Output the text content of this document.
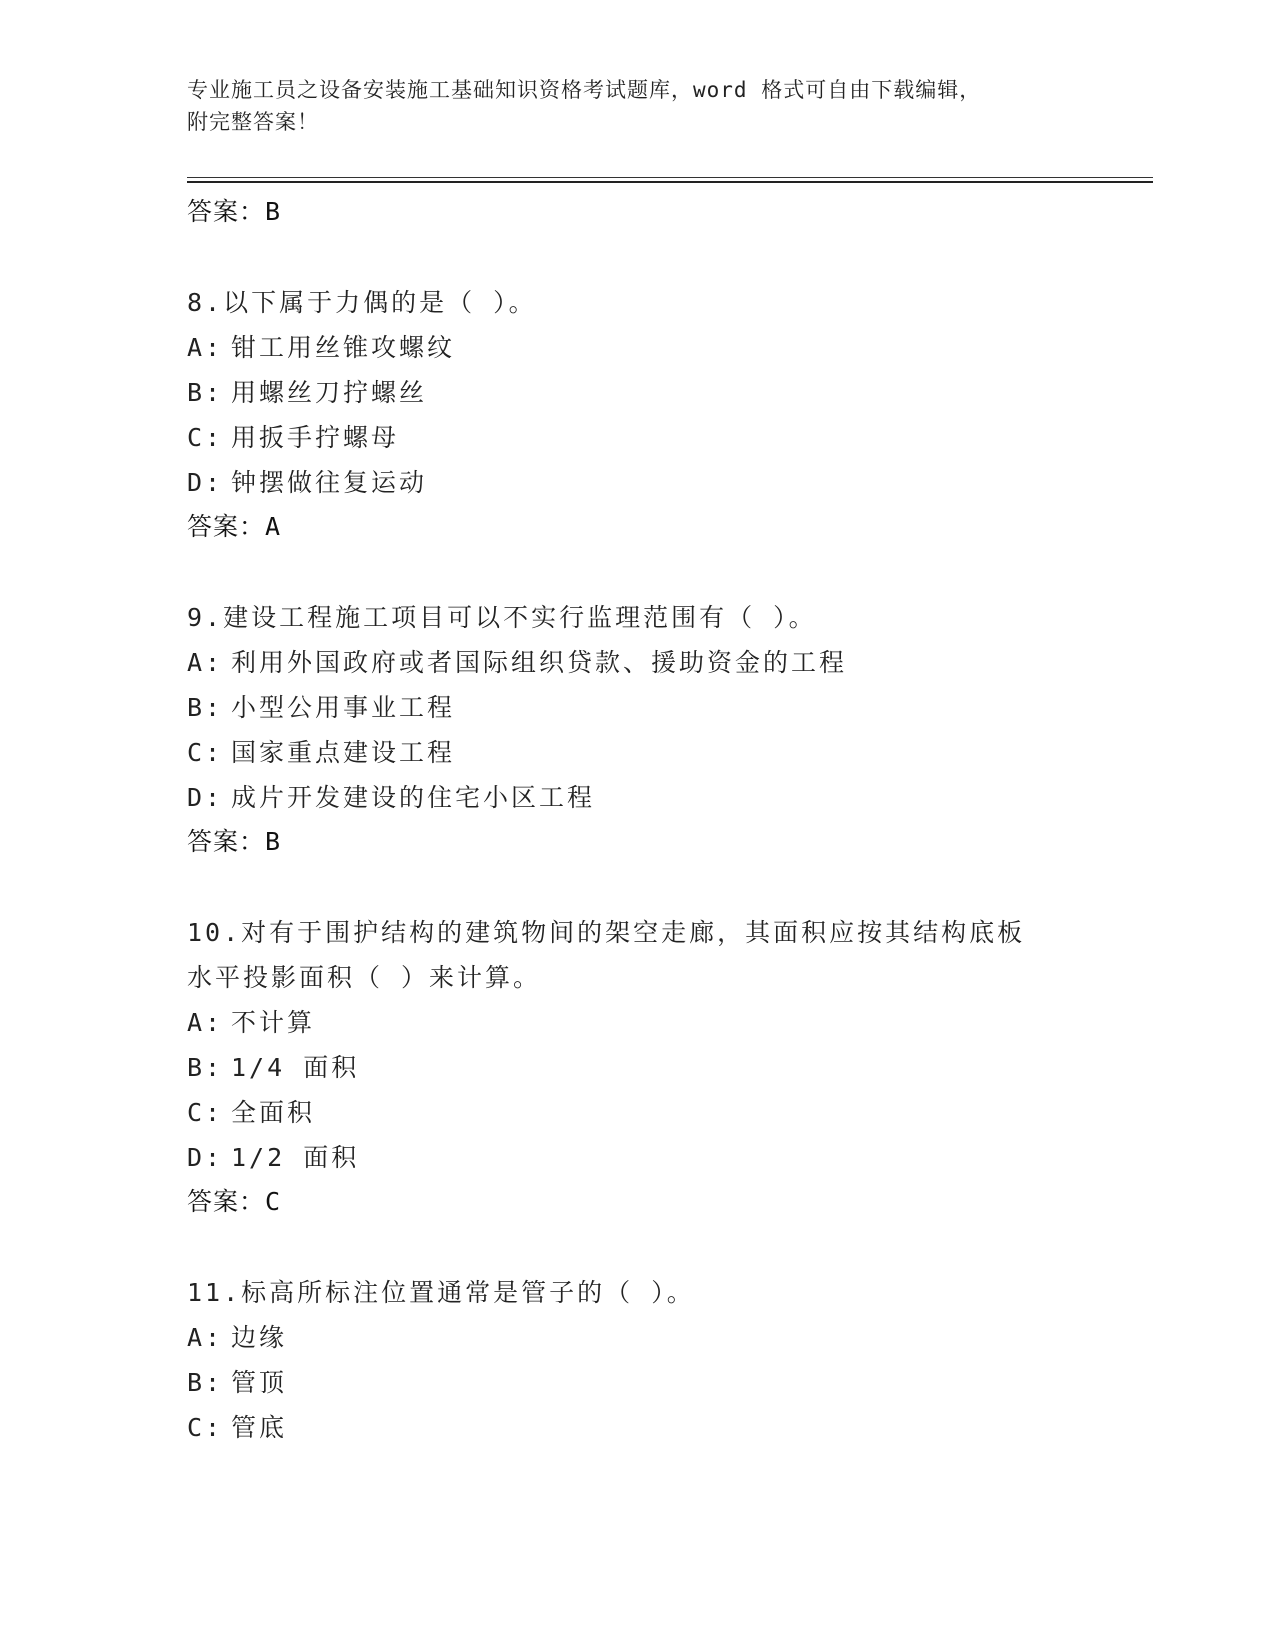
专业施工员之设备安装施工基础知识资格考试题库，word 格式可自由下载编辑，
附完整答案！
答案：B
8.以下属于力偶的是（ ）。
A: 钳工用丝锥攻螺纹
B: 用螺丝刀拧螺丝
C: 用扳手拧螺母
D: 钟摆做往复运动
答案：A
9.建设工程施工项目可以不实行监理范围有（ ）。
A: 利用外国政府或者国际组织贷款、援助资金的工程
B: 小型公用事业工程
C: 国家重点建设工程
D: 成片开发建设的住宅小区工程
答案：B
10.对有于围护结构的建筑物间的架空走廊，其面积应按其结构底板水平投影面积（ ）来计算。
A: 不计算
B: 1/4 面积
C: 全面积
D: 1/2 面积
答案：C
11.标高所标注位置通常是管子的（ ）。
A: 边缘
B: 管顶
C: 管底
